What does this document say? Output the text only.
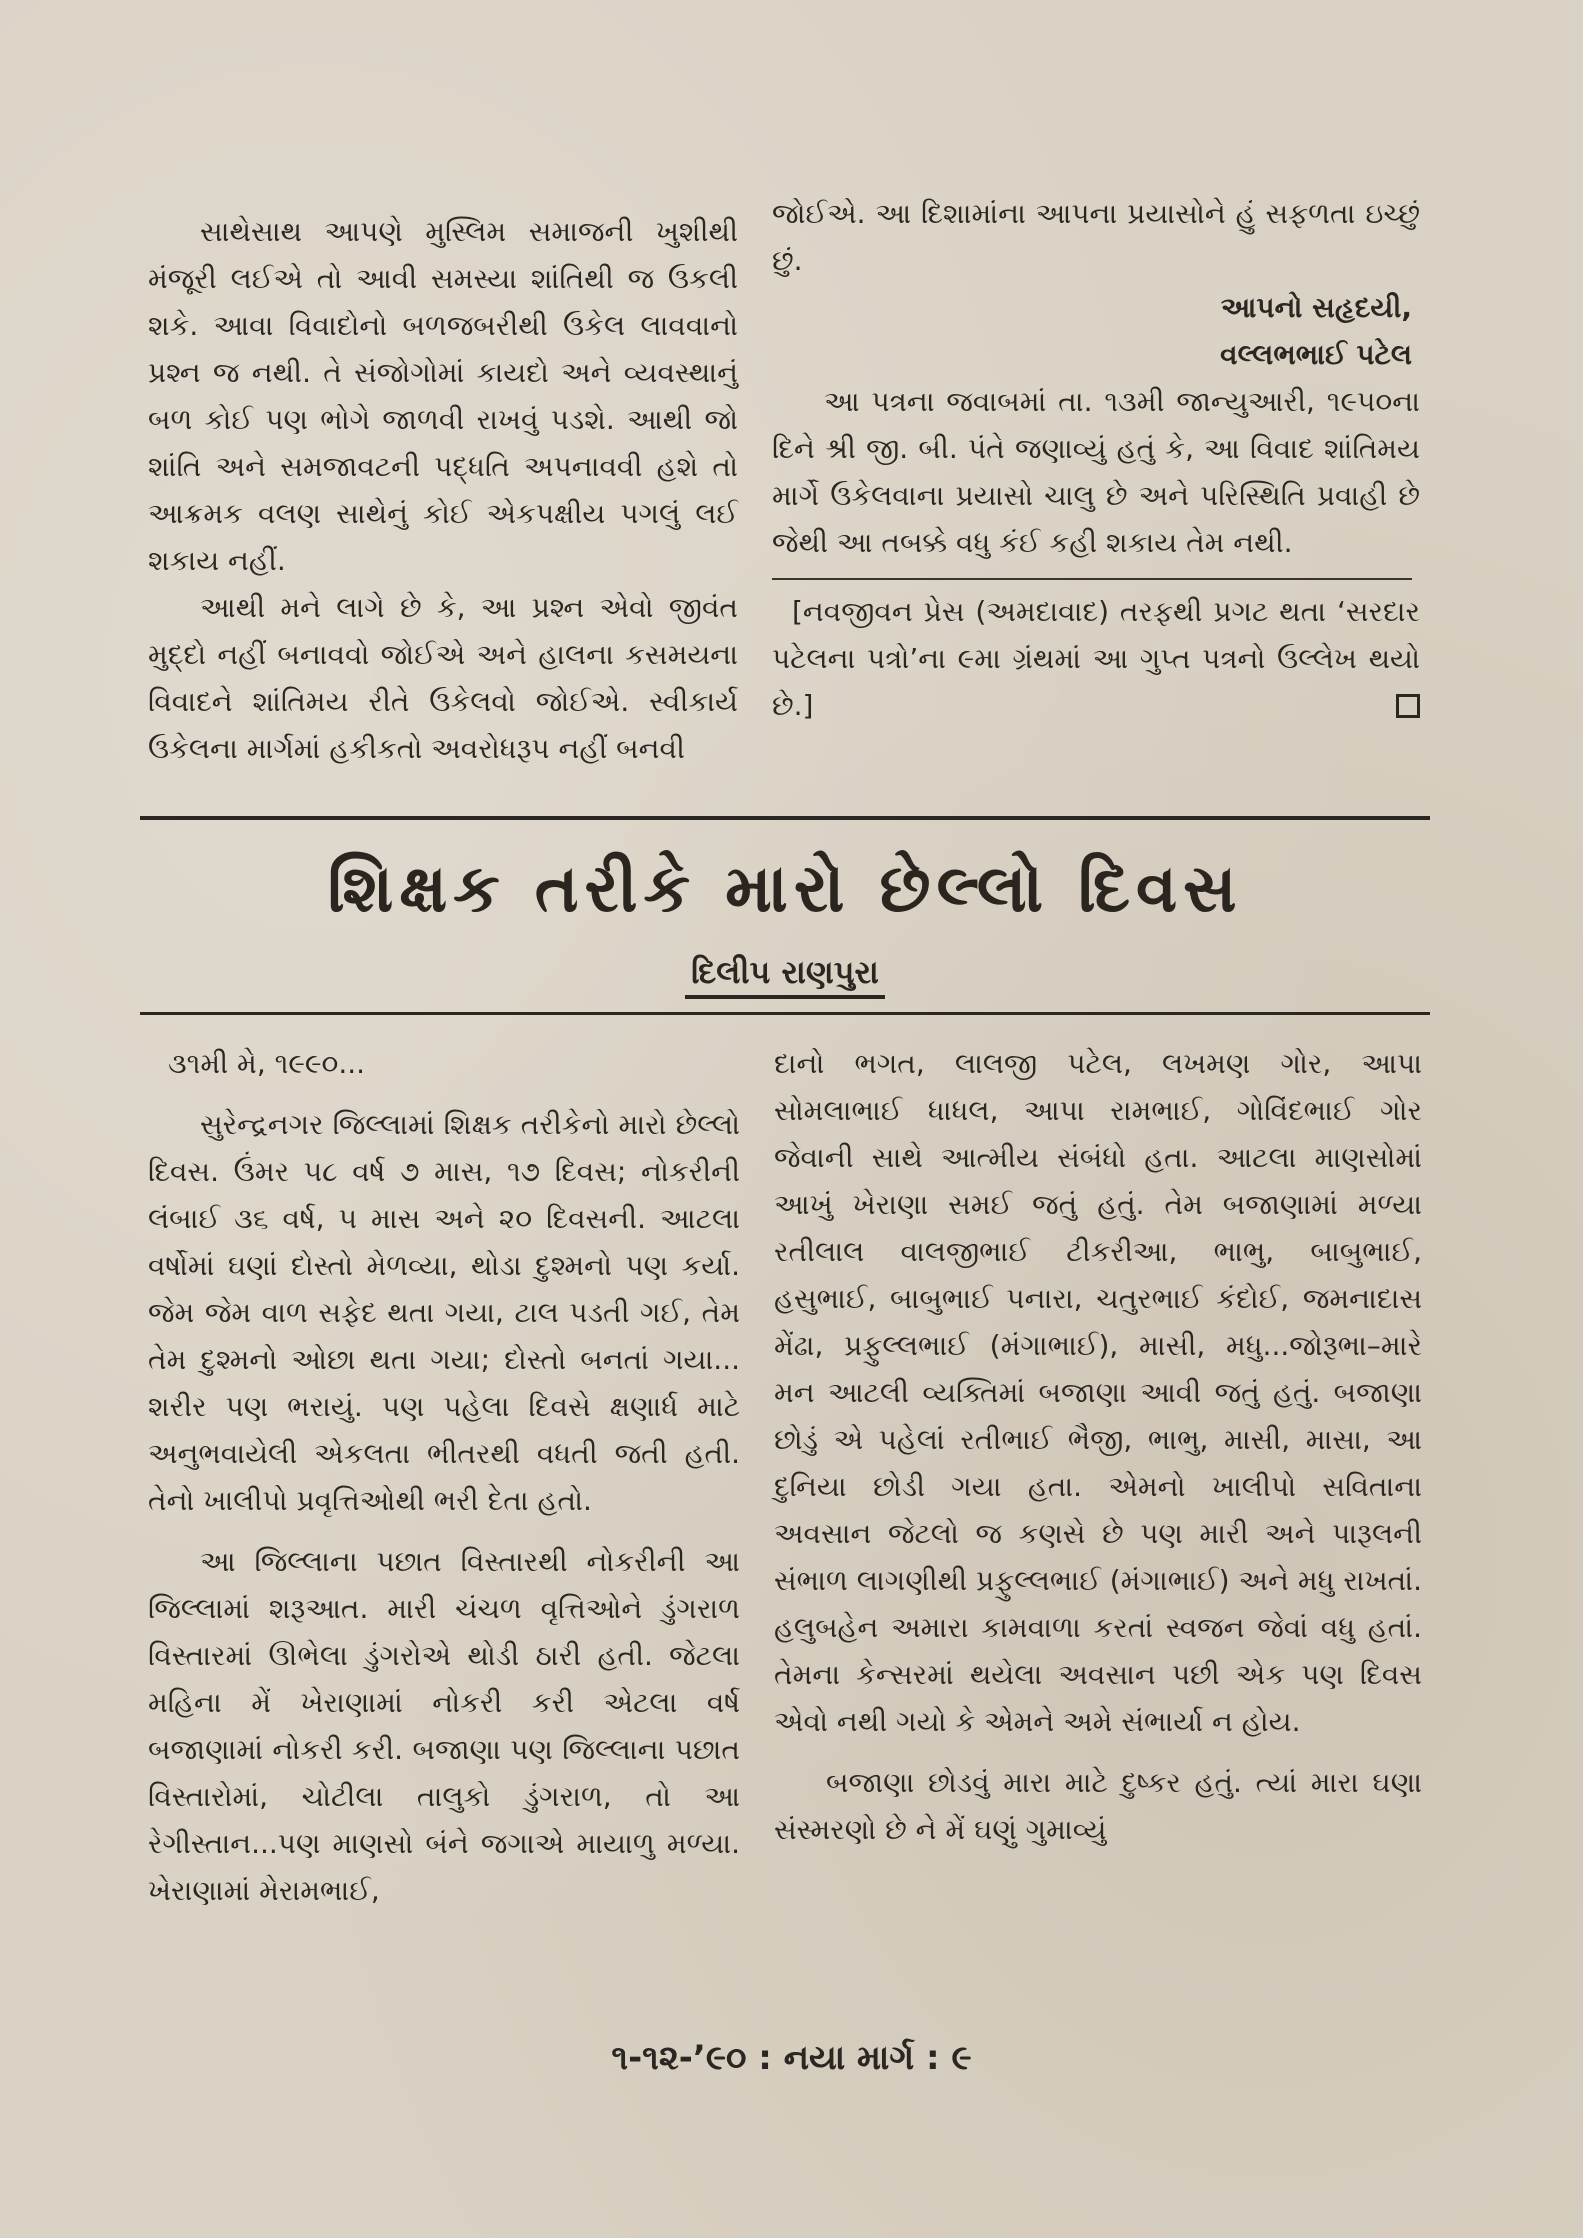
સાથેસાથ આપણે મુસ્લિમ સમાજની ખુશીથી મંજૂરી લઈએ તો આવી સમસ્યા શાંતિથી જ ઉકલી શકે. આવા વિવાદોનો બળજબરીથી ઉકેલ લાવવાનો પ્રશ્ન જ નથી. તે સંજોગોમાં કાયદો અને વ્યવસ્થાનું બળ કોઈ પણ ભોગે જાળવી રાખવું પડશે. આથી જો શાંતિ અને સમજાવટની પદ્ધતિ અપનાવવી હશે તો આક્રમક વલણ સાથેનું કોઈ એકપક્ષીય પગલું લઈ શકાય નહીં.

આથી મને લાગે છે કે, આ પ્રશ્ન એવો જીવંત મુદ્દો નહીં બનાવવો જોઈએ અને હાલના કસમયના વિવાદને શાંતિમય રીતે ઉકેલવો જોઈએ. સ્વીકાર્ય ઉકેલના માર્ગમાં હકીકતો અવરોધરૂપ નહીં બનવી

જોઈએ. આ દિશામાંના આપના પ્રયાસોને હું સફળતા ઇચ્છું છું.

આપનો સહૃદયી,

વલ્લભભાઈ પટેલ

આ પત્રના જવાબમાં તા. ૧૩મી જાન્યુઆરી, ૧૯૫૦ના દિને શ્રી જી. બી. પંતે જણાવ્યું હતું કે, આ વિવાદ શાંતિમય માર્ગે ઉકેલવાના પ્રયાસો ચાલુ છે અને પરિસ્થિતિ પ્રવાહી છે જેથી આ તબક્કે વધુ કંઈ કહી શકાય તેમ નથી.

[નવજીવન પ્રેસ (અમદાવાદ) તરફથી પ્રગટ થતા ‘સરદાર પટેલના પત્રો’ના ૯મા ગ્રંથમાં આ ગુપ્ત પત્રનો ઉલ્લેખ થયો છે.]

શિક્ષક તરીકે મારો છેલ્લો દિવસ
દિલીપ રાણપુરા

૩૧મી મે, ૧૯૯૦...

સુરેન્દ્રનગર જિલ્લામાં શિક્ષક તરીકેનો મારો છેલ્લો દિવસ. ઉંમર ૫૮ વર્ષ ૭ માસ, ૧૭ દિવસ; નોકરીની લંબાઈ ૩૬ વર્ષ, ૫ માસ અને ૨૦ દિવસની. આટલા વર્ષોમાં ઘણાં દોસ્તો મેળવ્યા, થોડા દુશ્મનો પણ કર્યા. જેમ જેમ વાળ સફેદ થતા ગયા, ટાલ પડતી ગઈ, તેમ તેમ દુશ્મનો ઓછા થતા ગયા; દોસ્તો બનતાં ગયા... શરીર પણ ભરાયું. પણ પહેલા દિવસે ક્ષણાર્ધ માટે અનુભવાયેલી એકલતા ભીતરથી વધતી જતી હતી. તેનો ખાલીપો પ્રવૃત્તિઓથી ભરી દેતા હતો.

આ જિલ્લાના પછાત વિસ્તારથી નોકરીની આ જિલ્લામાં શરૂઆત. મારી ચંચળ વૃત્તિઓને ડુંગરાળ વિસ્તારમાં ઊભેલા ડુંગરોએ થોડી ઠારી હતી. જેટલા મહિના મેં ખેરાણામાં નોકરી કરી એટલા વર્ષ બજાણામાં નોકરી કરી. બજાણા પણ જિલ્લાના પછાત વિસ્તારોમાં, ચોટીલા તાલુકો ડુંગરાળ, તો આ રેગીસ્તાન...પણ માણસો બંને જગાએ માયાળુ મળ્યા. ખેરાણામાં મેરામભાઈ,

દાનો ભગત, લાલજી પટેલ, લખમણ ગોર, આપા સોમલાભાઈ ધાધલ, આપા રામભાઈ, ગોવિંદભાઈ ગોર જેવાની સાથે આત્મીય સંબંધો હતા. આટલા માણસોમાં આખું ખેરાણા સમઈ જતું હતું. તેમ બજાણામાં મળ્યા રતીલાલ વાલજીભાઈ ટીકરીઆ, ભાભુ, બાબુભાઈ, હસુભાઈ, બાબુભાઈ પનારા, ચતુરભાઈ કંદોઈ, જમનાદાસ મેંઢા, પ્રફુલ્લભાઈ (મંગાભાઈ), માસી, મધુ...જોરૂભા–મારે મન આટલી વ્યક્તિમાં બજાણા આવી જતું હતું. બજાણા છોડું એ પહેલાં રતીભાઈ ભૈજી, ભાભુ, માસી, માસા, આ દુનિયા છોડી ગયા હતા. એમનો ખાલીપો સવિતાના અવસાન જેટલો જ કણસે છે પણ મારી અને પારૂલની સંભાળ લાગણીથી પ્રફુલ્લભાઈ (મંગાભાઈ) અને મધુ રાખતાં. હલુબહેન અમારા કામવાળા કરતાં સ્વજન જેવાં વધુ હતાં. તેમના કેન્સરમાં થયેલા અવસાન પછી એક પણ દિવસ એવો નથી ગયો કે એમને અમે સંભાર્યા ન હોય.

બજાણા છોડવું મારા માટે દુષ્કર હતું. ત્યાં મારા ઘણા સંસ્મરણો છે ને મેં ઘણું ગુમાવ્યું

૧-૧૨-’૯૦ : નયા માર્ગ : ૯
